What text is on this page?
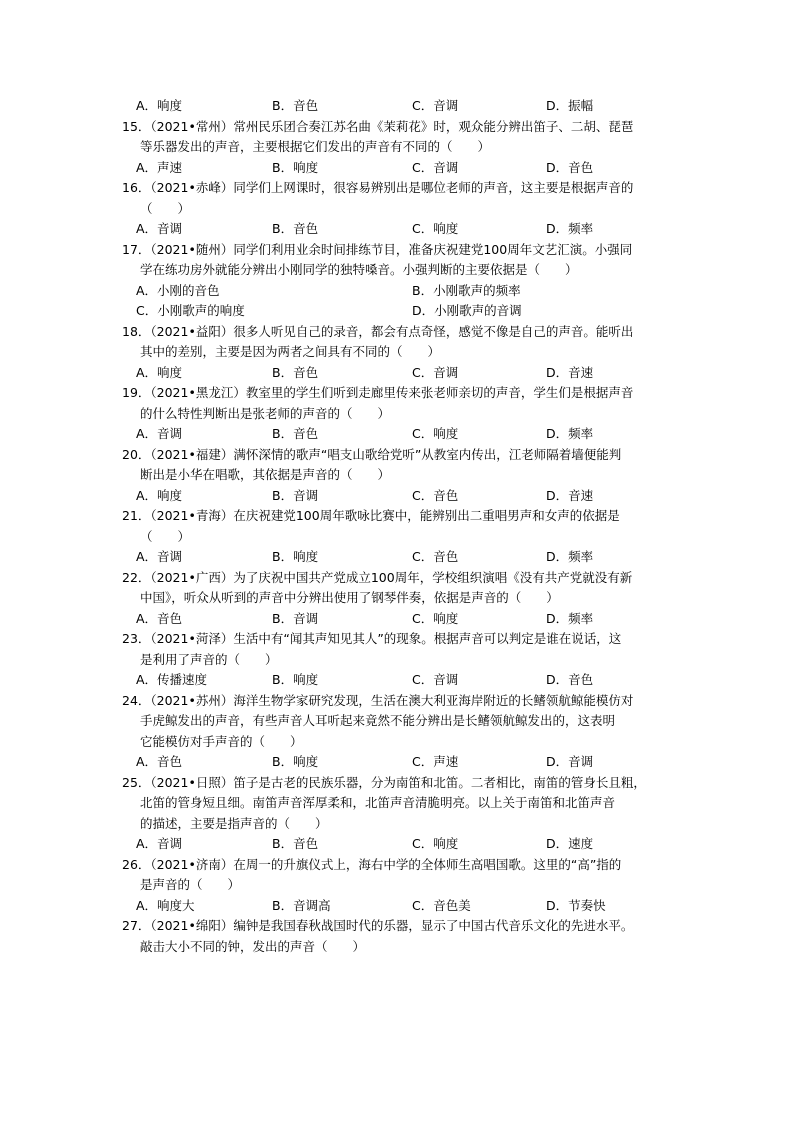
A．响度	B．音色	C．音调	D．振幅
15．（2021•常州）常州民乐团合奏江苏名曲《茉莉花》时，观众能分辨出笛子、二胡、琵琶
等乐器发出的声音，主要根据它们发出的声音有不同的（　　）
A．声速	B．响度	C．音调	D．音色
16．（2021•赤峰）同学们上网课时，很容易辨别出是哪位老师的声音，这主要是根据声音的
（　　）
A．音调	B．音色	C．响度	D．频率
17．（2021•随州）同学们利用业余时间排练节目，准备庆祝建党100周年文艺汇演。小强同
学在练功房外就能分辨出小刚同学的独特嗓音。小强判断的主要依据是（　　）
A．小刚的音色	B．小刚歌声的频率
C．小刚歌声的响度	D．小刚歌声的音调
18．（2021•益阳）很多人听见自己的录音，都会有点奇怪，感觉不像是自己的声音。能听出
其中的差别，主要是因为两者之间具有不同的（　　）
A．响度	B．音色	C．音调	D．音速
19．（2021•黑龙江）教室里的学生们听到走廊里传来张老师亲切的声音，学生们是根据声音
的什么特性判断出是张老师的声音的（　　）
A．音调	B．音色	C．响度	D．频率
20．（2021•福建）满怀深情的歌声“唱支山歌给党听”从教室内传出，江老师隔着墙便能判
断出是小华在唱歌，其依据是声音的（　　）
A．响度	B．音调	C．音色	D．音速
21．（2021•青海）在庆祝建党100周年歌咏比赛中，能辨别出二重唱男声和女声的依据是
（　　）
A．音调	B．响度	C．音色	D．频率
22．（2021•广西）为了庆祝中国共产党成立100周年，学校组织演唱《没有共产党就没有新
中国》，听众从听到的声音中分辨出使用了钢琴伴奏，依据是声音的（　　）
A．音色	B．音调	C．响度	D．频率
23．（2021•菏泽）生活中有“闻其声知见其人”的现象。根据声音可以判定是谁在说话，这
是利用了声音的（　　）
A．传播速度	B．响度	C．音调	D．音色
24．（2021•苏州）海洋生物学家研究发现，生活在澳大利亚海岸附近的长鳍领航鲸能模仿对
手虎鲸发出的声音，有些声音人耳听起来竟然不能分辨出是长鳍领航鲸发出的，这表明
它能模仿对手声音的（　　）
A．音色	B．响度	C．声速	D．音调
25．（2021•日照）笛子是古老的民族乐器，分为南笛和北笛。二者相比，南笛的管身长且粗，
北笛的管身短且细。南笛声音浑厚柔和，北笛声音清脆明亮。以上关于南笛和北笛声音
的描述，主要是指声音的（　　）
A．音调	B．音色	C．响度	D．速度
26．（2021•济南）在周一的升旗仪式上，海右中学的全体师生高唱国歌。这里的“高”指的
是声音的（　　）
A．响度大	B．音调高	C．音色美	D．节奏快
27．（2021•绵阳）编钟是我国春秋战国时代的乐器，显示了中国古代音乐文化的先进水平。
敲击大小不同的钟，发出的声音（　　）
